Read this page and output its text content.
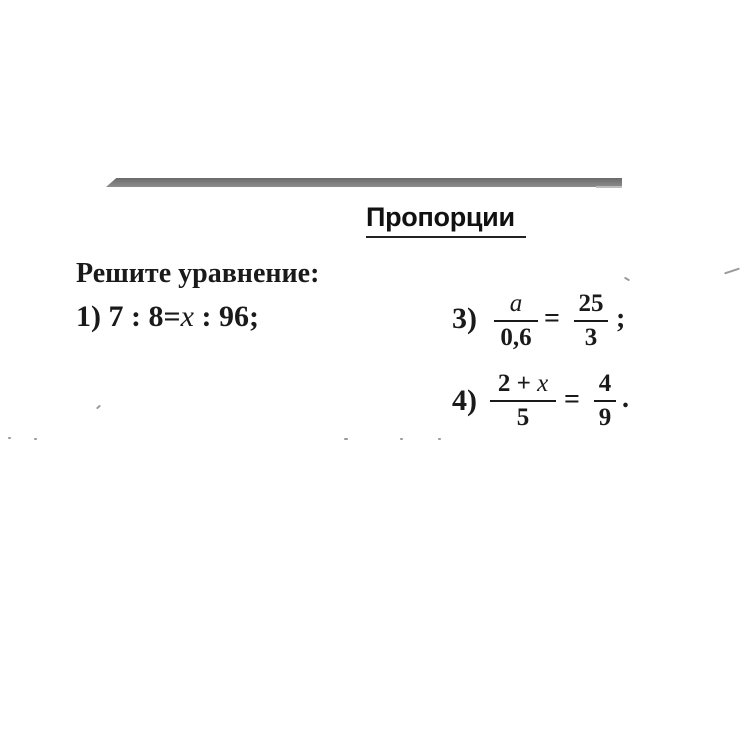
Пропорции
Решите уравнение:
1) 7 : 8=x : 96;	3) a
0,6
= 25
3
;
4)
2 + x
5
=
4
9
.
